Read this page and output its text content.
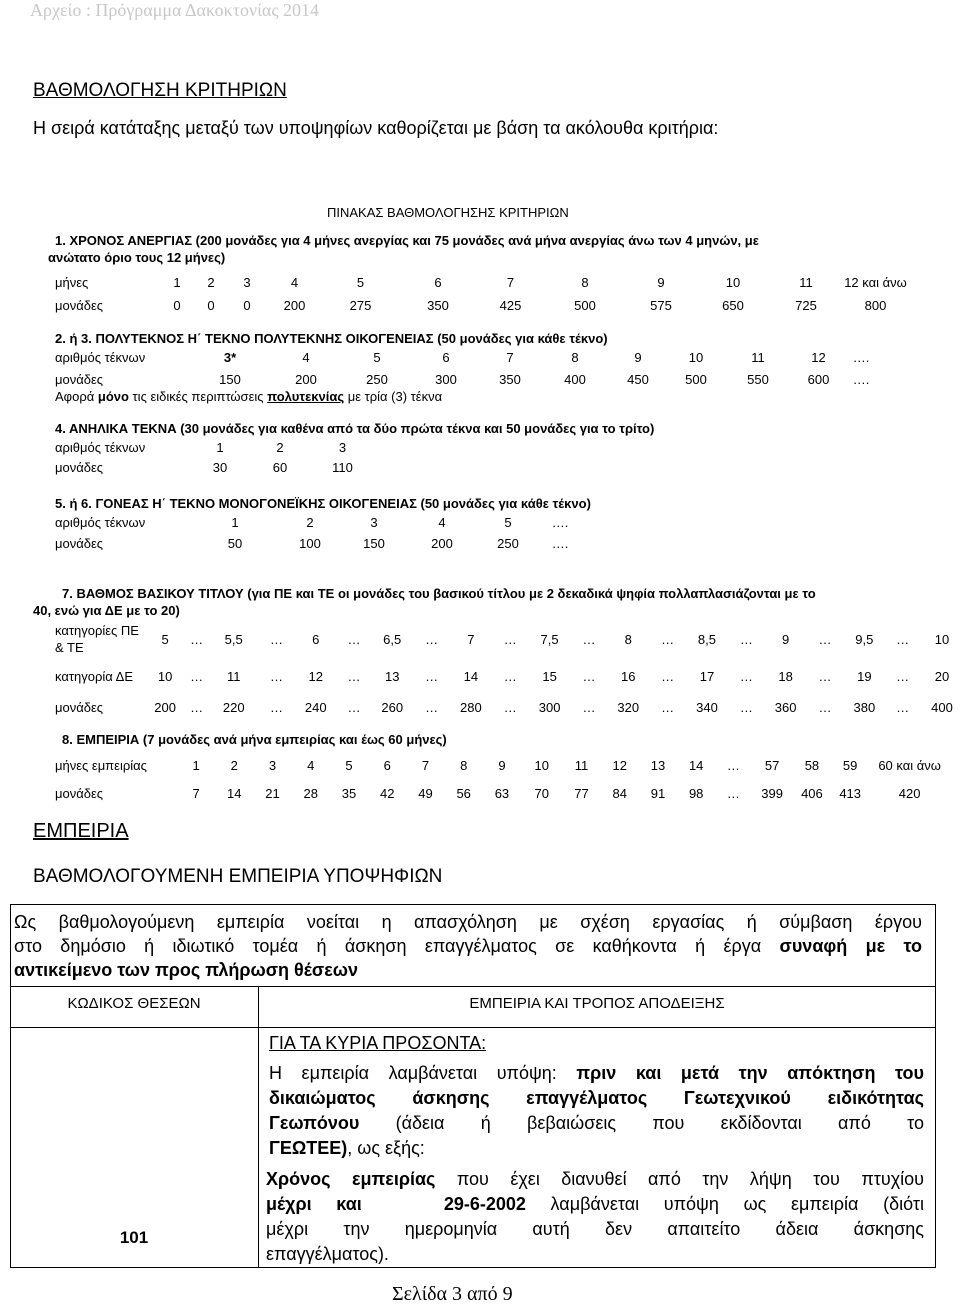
Αρχείο : Πρόγραμμα Δακοκτονίας 2014
ΒΑΘΜΟΛΟΓΗΣΗ ΚΡΙΤΗΡΙΩΝ
Η σειρά κατάταξης μεταξύ των υποψηφίων καθορίζεται με βάση τα ακόλουθα κριτήρια:
ΠΙΝΑΚΑΣ ΒΑΘΜΟΛΟΓΗΣΗΣ ΚΡΙΤΗΡΙΩΝ
1. ΧΡΟΝΟΣ ΑΝΕΡΓΙΑΣ (200 μονάδες για 4 μήνες ανεργίας και 75 μονάδες ανά μήνα ανεργίας άνω των 4 μηνών, με
ανώτατο όριο τους 12 μήνες)
μήνες	1	2	3	4	5	6	7	8	9	10	11	12 και άνω
μονάδες	0	0	0	200	275	350	425	500	575	650	725	800
2. ή 3. ΠΟΛΥΤΕΚΝΟΣ Η΄ ΤΕΚΝΟ ΠΟΛΥΤΕΚΝΗΣ ΟΙΚΟΓΕΝΕΙΑΣ (50 μονάδες για κάθε τέκνο)
αριθμός τέκνων	3*	4	5	6	7	8	9	10	11	12	….
μονάδες	150	200	250	300	350	400	450	500	550	600	….
Αφορά μόνο τις ειδικές περιπτώσεις πολυτεκνίας με τρία (3) τέκνα
4. ΑΝΗΛΙΚΑ ΤΕΚΝΑ (30 μονάδες για καθένα από τα δύο πρώτα τέκνα και 50 μονάδες για το τρίτο)
αριθμός τέκνων	1	2	3
μονάδες	30	60	110
5. ή 6. ΓΟΝΕΑΣ Η΄ ΤΕΚΝΟ ΜΟΝΟΓΟΝΕΪΚΗΣ ΟΙΚΟΓΕΝΕΙΑΣ (50 μονάδες για κάθε τέκνο)
αριθμός τέκνων	1	2	3	4	5	….
μονάδες	50	100	150	200	250	….
7. ΒΑΘΜΟΣ ΒΑΣΙΚΟΥ ΤΙΤΛΟΥ (για ΠΕ και ΤΕ οι μονάδες του βασικού τίτλου με 2 δεκαδικά ψηφία πολλαπλασιάζονται με το
40, ενώ για ΔΕ με το 20)
κατηγορίες ΠΕ & ΤΕ	5	…	5,5	…	6	…	6,5	…	7	…	7,5	…	8	…	8,5	…	9	…	9,5	…	10
κατηγορία ΔΕ	10	…	11	…	12	…	13	…	14	…	15	…	16	…	17	…	18	…	19	…	20
μονάδες	200	…	220	…	240	…	260	…	280	…	300	…	320	…	340	…	360	…	380	…	400
8. ΕΜΠΕΙΡΙΑ (7 μονάδες ανά μήνα εμπειρίας και έως 60 μήνες)
μήνες εμπειρίας	1	2	3	4	5	6	7	8	9	10	11	12	13	14	…	57	58	59	60 και άνω
μονάδες	7	14	21	28	35	42	49	56	63	70	77	84	91	98	…	399	406	413	420
ΕΜΠΕΙΡΙΑ
ΒΑΘΜΟΛΟΓΟΥΜΕΝΗ ΕΜΠΕΙΡΙΑ ΥΠΟΨΗΦΙΩΝ
Ως βαθμολογούμενη εμπειρία νοείται η απασχόληση με σχέση εργασίας ή σύμβαση έργου
στο δημόσιο ή ιδιωτικό τομέα ή άσκηση επαγγέλματος σε καθήκοντα ή έργα συναφή με το
αντικείμενο των προς πλήρωση θέσεων
ΚΩΔΙΚΟΣ ΘΕΣΕΩΝ	ΕΜΠΕΙΡΙΑ ΚΑΙ ΤΡΟΠΟΣ ΑΠΟΔΕΙΞΗΣ
101
ΓΙΑ ΤΑ ΚΥΡΙΑ ΠΡΟΣΟΝΤΑ:
Η εμπειρία λαμβάνεται υπόψη: πριν και μετά την απόκτηση του
δικαιώματος άσκησης επαγγέλματος Γεωτεχνικού ειδικότητας
Γεωπόνου (άδεια ή βεβαιώσεις που εκδίδονται από το
ΓΕΩΤΕΕ), ως εξής:
Χρόνος εμπειρίας που έχει διανυθεί από την λήψη του πτυχίου
μέχρι και	29-6-2002 λαμβάνεται υπόψη ως εμπειρία (διότι
μέχρι την ημερομηνία αυτή δεν απαιτείτο άδεια άσκησης
επαγγέλματος).
Σελίδα 3 από 9
